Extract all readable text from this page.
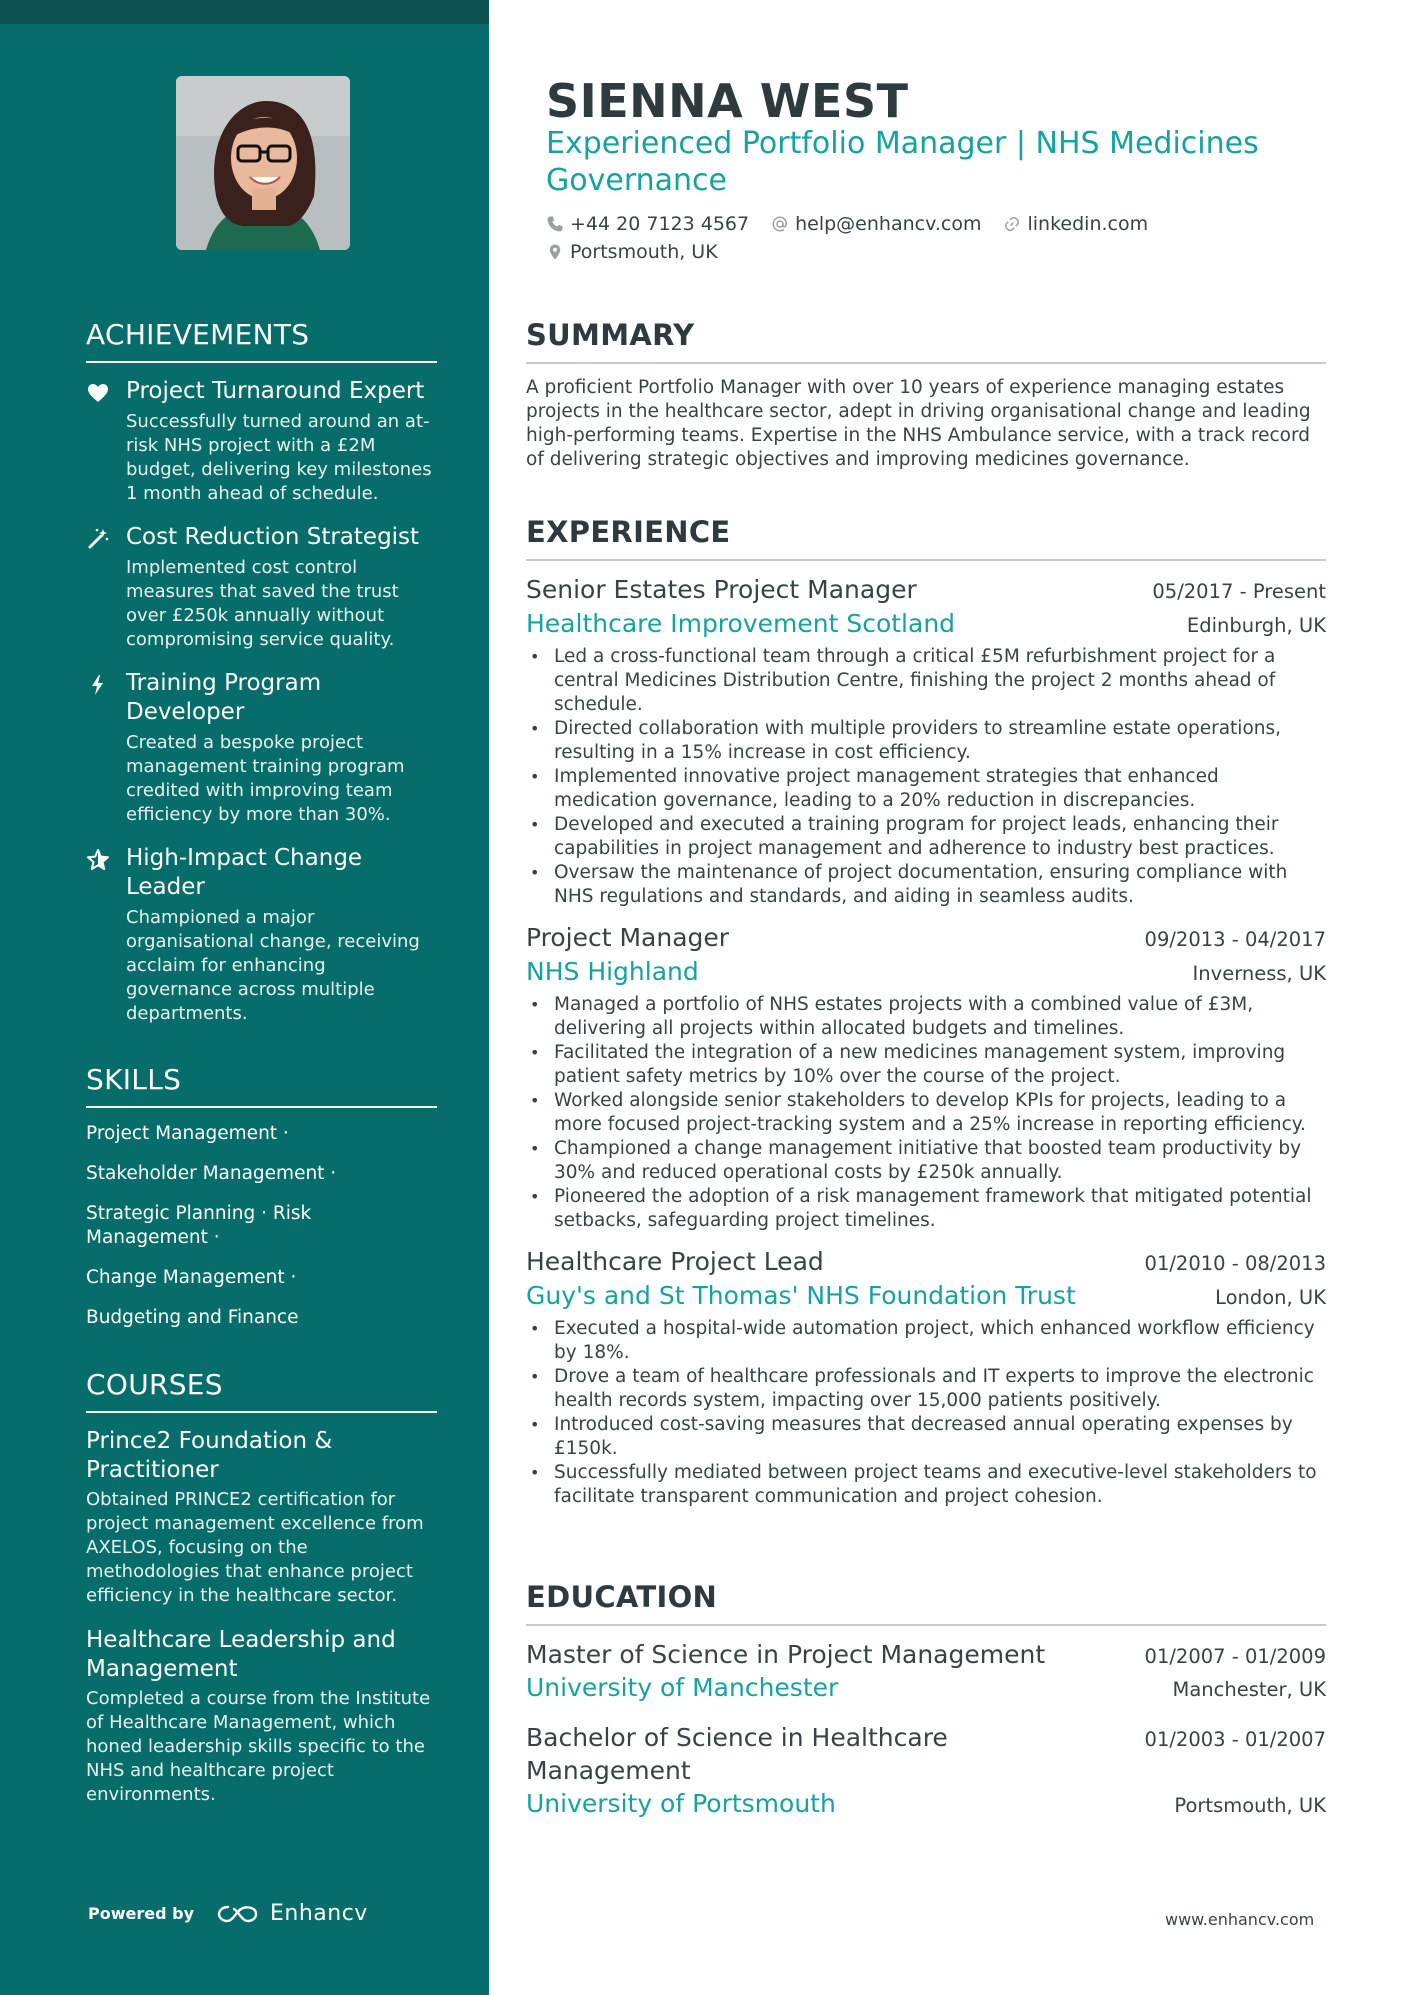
ACHIEVEMENTS
Project Turnaround Expert
Successfully turned around an at-risk NHS project with a £2M budget, delivering key milestones 1 month ahead of schedule.
Cost Reduction Strategist
Implemented cost control measures that saved the trust over £250k annually without compromising service quality.
Training Program Developer
Created a bespoke project management training program credited with improving team efficiency by more than 30%.
High-Impact Change Leader
Championed a major organisational change, receiving acclaim for enhancing governance across multiple departments.
SKILLS
Project Management ·
Stakeholder Management ·
Strategic Planning · Risk Management ·
Change Management ·
Budgeting and Finance
COURSES
Prince2 Foundation & Practitioner
Obtained PRINCE2 certification for project management excellence from AXELOS, focusing on the methodologies that enhance project efficiency in the healthcare sector.
Healthcare Leadership and Management
Completed a course from the Institute of Healthcare Management, which honed leadership skills specific to the NHS and healthcare project environments.
Powered by	Enhancv
SIENNA WEST
Experienced Portfolio Manager | NHS Medicines Governance
+44 20 7123 4567 help@enhancv.com linkedin.com
Portsmouth, UK
SUMMARY

A proficient Portfolio Manager with over 10 years of experience managing estates projects in the healthcare sector, adept in driving organisational change and leading high-performing teams. Expertise in the NHS Ambulance service, with a track record of delivering strategic objectives and improving medicines governance.

EXPERIENCE
Senior Estates Project Manager	05/2017 - Present
Healthcare Improvement Scotland	Edinburgh, UK
• Led a cross-functional team through a critical £5M refurbishment project for a central Medicines Distribution Centre, finishing the project 2 months ahead of schedule.
• Directed collaboration with multiple providers to streamline estate operations, resulting in a 15% increase in cost efficiency.
• Implemented innovative project management strategies that enhanced medication governance, leading to a 20% reduction in discrepancies.
• Developed and executed a training program for project leads, enhancing their capabilities in project management and adherence to industry best practices.
• Oversaw the maintenance of project documentation, ensuring compliance with NHS regulations and standards, and aiding in seamless audits.
Project Manager	09/2013 - 04/2017
NHS Highland	Inverness, UK
• Managed a portfolio of NHS estates projects with a combined value of £3M, delivering all projects within allocated budgets and timelines.
• Facilitated the integration of a new medicines management system, improving patient safety metrics by 10% over the course of the project.
• Worked alongside senior stakeholders to develop KPIs for projects, leading to a more focused project-tracking system and a 25% increase in reporting efficiency.
• Championed a change management initiative that boosted team productivity by 30% and reduced operational costs by £250k annually.
• Pioneered the adoption of a risk management framework that mitigated potential setbacks, safeguarding project timelines.
Healthcare Project Lead	01/2010 - 08/2013
Guy's and St Thomas' NHS Foundation Trust	London, UK
• Executed a hospital-wide automation project, which enhanced workflow efficiency by 18%.
• Drove a team of healthcare professionals and IT experts to improve the electronic health records system, impacting over 15,000 patients positively.
• Introduced cost-saving measures that decreased annual operating expenses by £150k.
• Successfully mediated between project teams and executive-level stakeholders to facilitate transparent communication and project cohesion.
EDUCATION
Master of Science in Project Management	01/2007 - 01/2009
University of Manchester	Manchester, UK
Bachelor of Science in Healthcare Management
01/2003 - 01/2007
University of Portsmouth	Portsmouth, UK
www.enhancv.com
